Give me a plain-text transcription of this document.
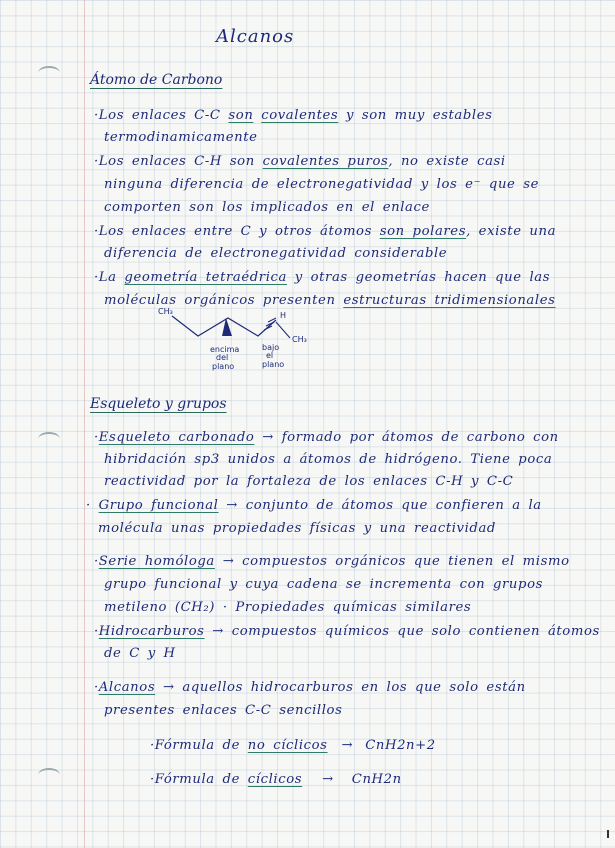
Alcanos
Átomo de Carbono
·Los enlaces C-C son covalentes y son muy estables
termodinamicamente
·Los enlaces C-H son covalentes puros, no existe casi
ninguna diferencia de electronegatividad y los e⁻ que se
comporten son los implicados en el enlace
·Los enlaces entre C y otros átomos son polares, existe una
diferencia de electronegatividad considerable
·La geometría tetraédrica y otras geometrías hacen que las
moléculas orgánicos presenten estructuras tridimensionales
CH₃	H
CH₃
encima
del
plano
bajo
el
plano
Esqueleto y grupos
·Esqueleto carbonado → formado por átomos de carbono con
hibridación sp3 unidos a átomos de hidrógeno. Tiene poca
reactividad por la fortaleza de los enlaces C-H y C-C
· Grupo funcional → conjunto de átomos que confieren a la
molécula unas propiedades físicas y una reactividad
·Serie homóloga → compuestos orgánicos que tienen el mismo
grupo funcional y cuya cadena se incrementa con grupos
metileno (CH₂) · Propiedades químicas similares
·Hidrocarburos → compuestos químicos que solo contienen átomos
de C y H
·Alcanos → aquellos hidrocarburos en los que solo están
presentes enlaces C-C sencillos
·Fórmula de no cíclicos → CnH2n+2
·Fórmula de cíclicos → CnH2n
